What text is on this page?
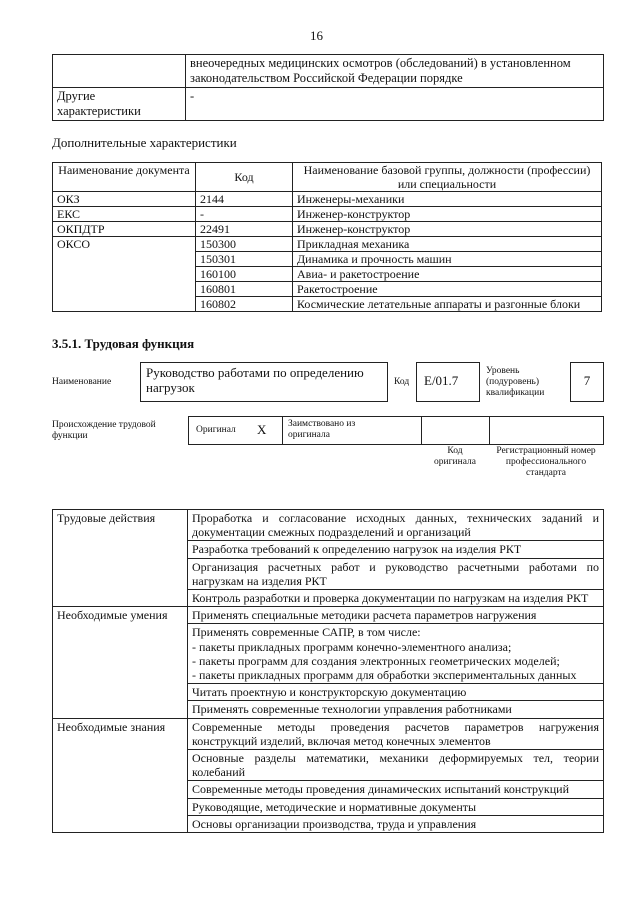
16
	внеочередных медицинских осмотров (обследований) в установленном законодательством Российской Федерации порядке
Другие характеристики	-
Дополнительные характеристики
Наименование документа	Код	Наименование базовой группы, должности (профессии) или специальности
ОКЗ	2144	Инженеры-механики
ЕКС	-	Инженер-конструктор
ОКПДТР	22491	Инженер-конструктор
ОКСО	150300	Прикладная механика
	150301	Динамика и прочность машин
	160100	Авиа- и ракетостроение
	160801	Ракетостроение
	160802	Космические летательные аппараты и разгонные блоки
3.5.1. Трудовая функция
Наименование
Руководство работами по определению нагрузок	Код	E/01.7
Уровень (подуровень) квалификации
7
Происхождение трудовой функции
Оригинал X Заимствовано из оригинала
Код оригинала
Регистрационный номер профессионального стандарта
Трудовые действия	Проработка и согласование исходных данных, технических заданий и документации смежных подразделений и организаций
	Разработка требований к определению нагрузок на изделия РКТ
	Организация расчетных работ и руководство расчетными работами по нагрузкам на изделия РКТ
	Контроль разработки и проверка документации по нагрузкам на изделия РКТ
Необходимые умения	Применять специальные методики расчета параметров нагружения
	Применять современные САПР, в том числе:
- пакеты прикладных программ конечно-элементного анализа;
- пакеты программ для создания электронных геометрических моделей;
- пакеты прикладных программ для обработки экспериментальных данных
	Читать проектную и конструкторскую документацию
	Применять современные технологии управления работниками
Необходимые знания	Современные методы проведения расчетов параметров нагружения конструкций изделий, включая метод конечных элементов
	Основные разделы математики, механики деформируемых тел, теории колебаний
	Современные методы проведения динамических испытаний конструкций
	Руководящие, методические и нормативные документы
	Основы организации производства, труда и управления
